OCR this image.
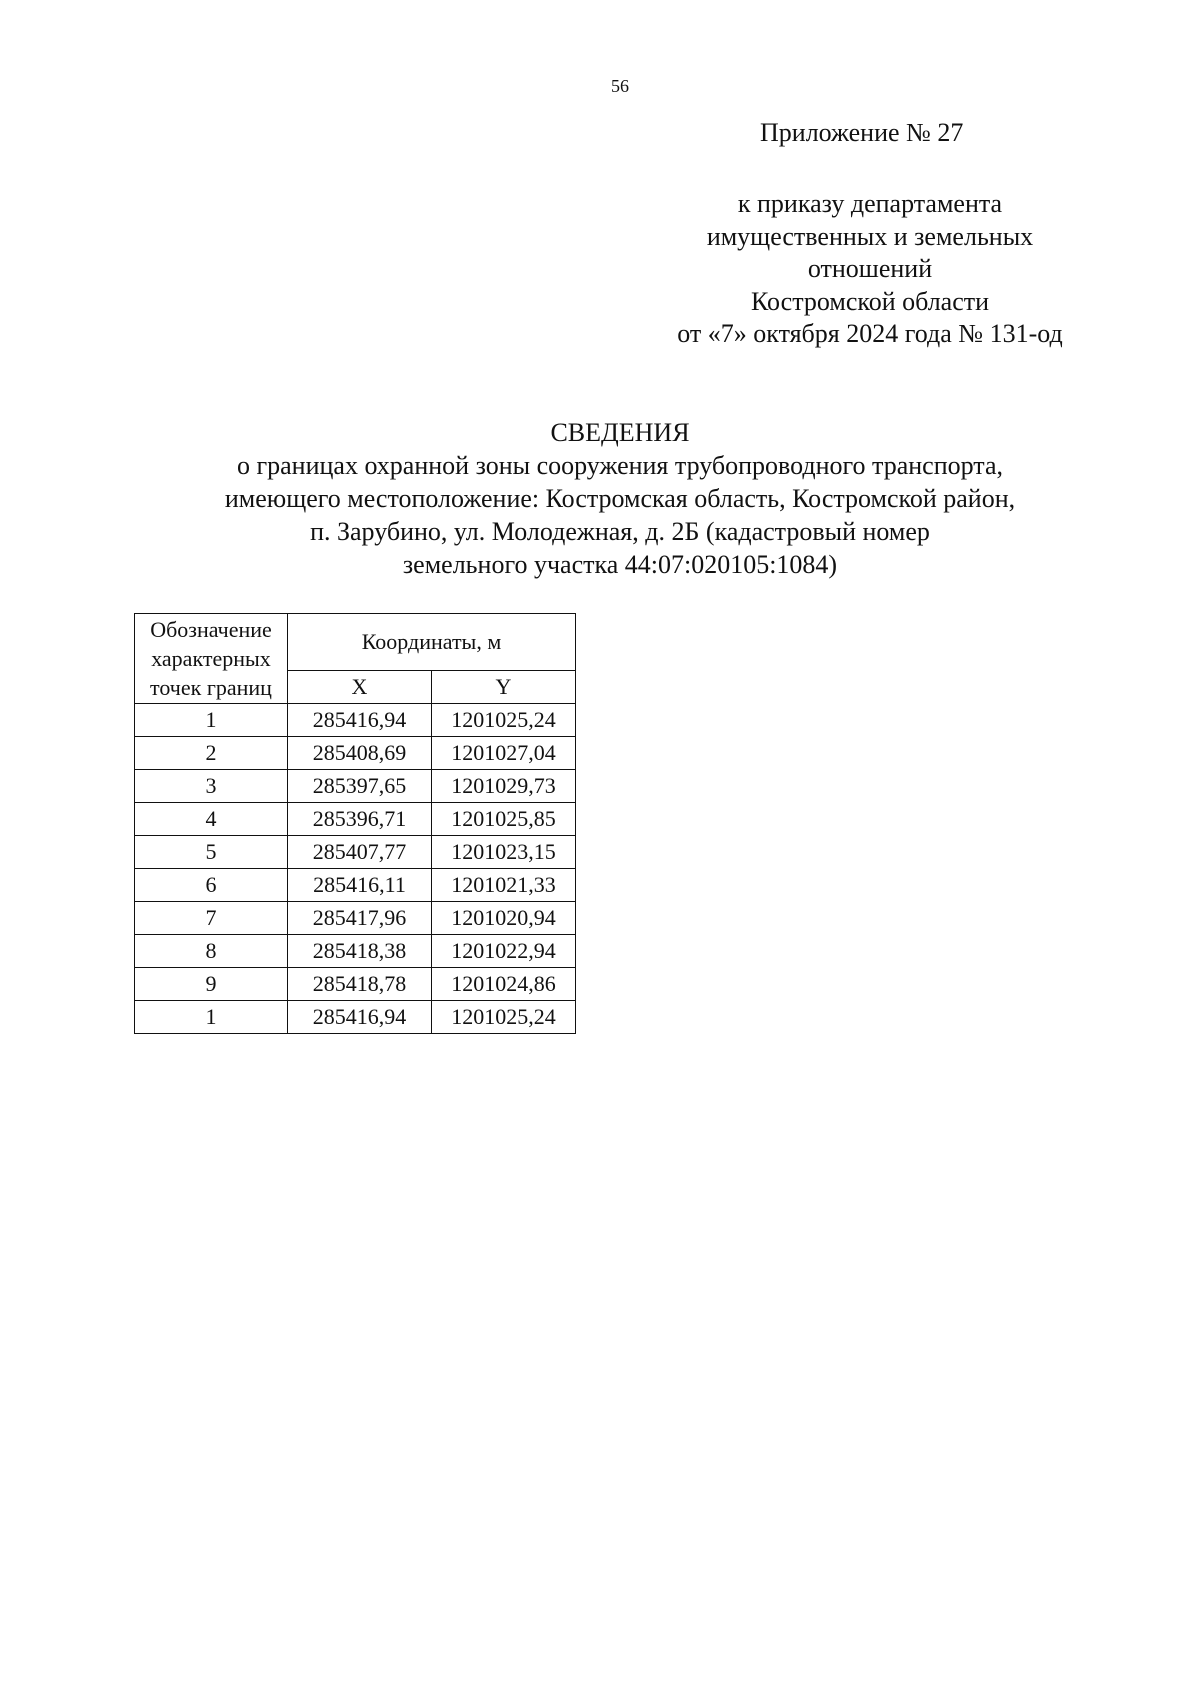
56
Приложение № 27
к приказу департамента
имущественных и земельных
отношений
Костромской области
от «7» октября 2024 года № 131-од
СВЕДЕНИЯ
о границах охранной зоны сооружения трубопроводного транспорта,
имеющего местоположение: Костромская область, Костромской район,
п. Зарубино, ул. Молодежная, д. 2Б (кадастровый номер
земельного участка 44:07:020105:1084)
Обозначение
характерных
точек границ	Координаты, м	
	X	Y
1	285416,94	1201025,24
2	285408,69	1201027,04
3	285397,65	1201029,73
4	285396,71	1201025,85
5	285407,77	1201023,15
6	285416,11	1201021,33
7	285417,96	1201020,94
8	285418,38	1201022,94
9	285418,78	1201024,86
1	285416,94	1201025,24
